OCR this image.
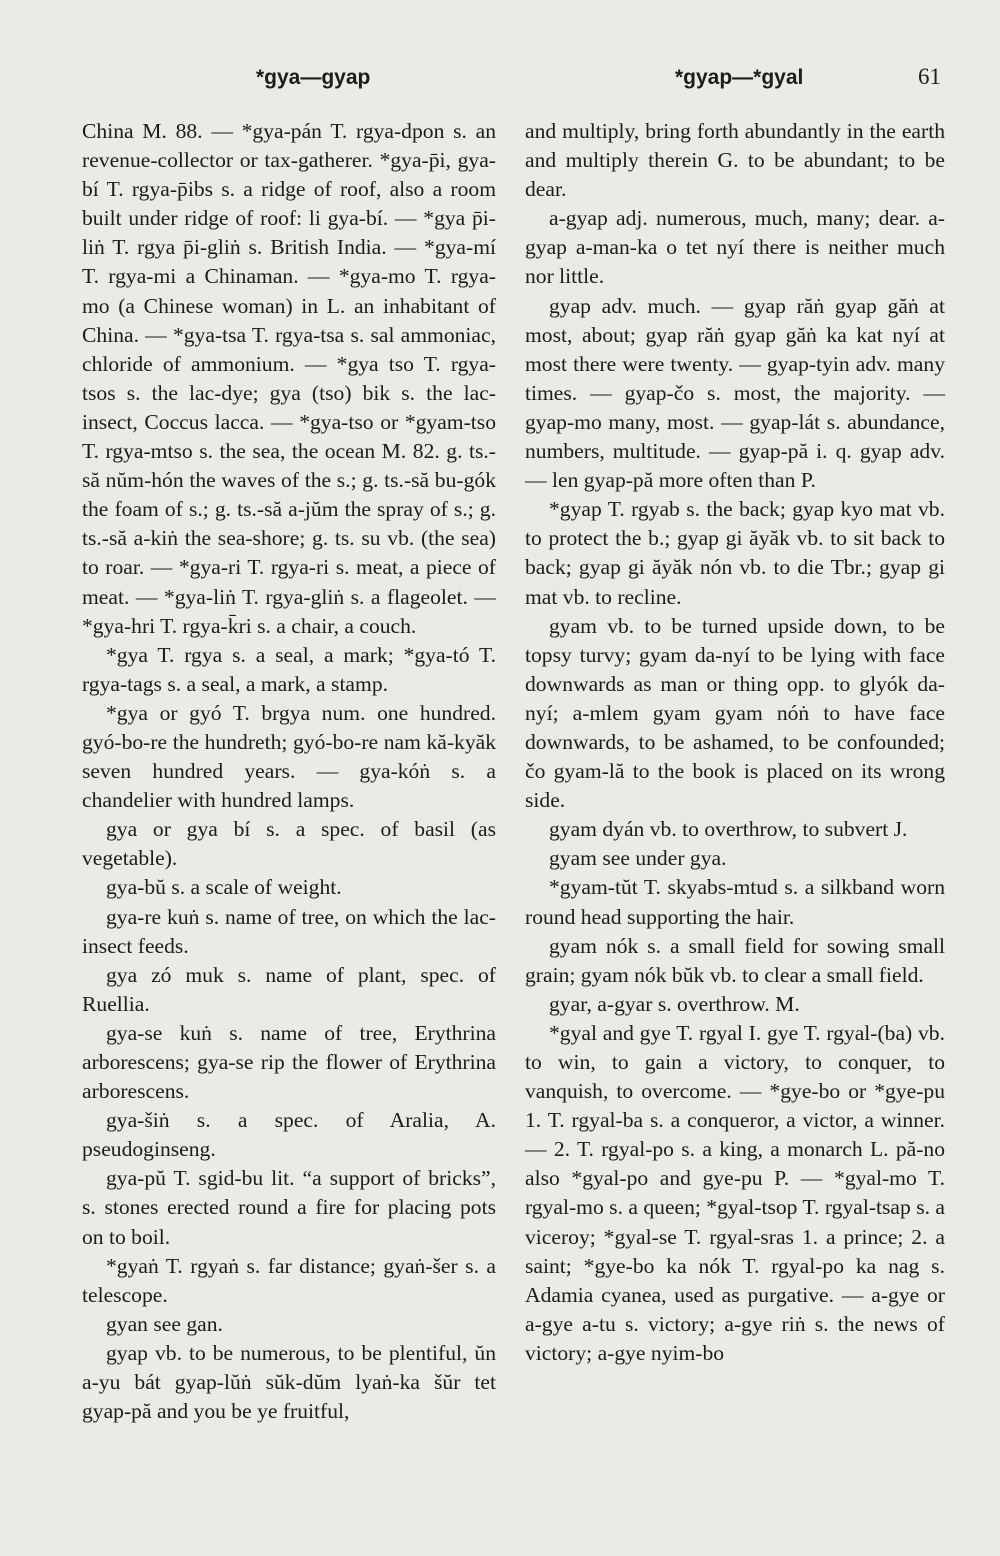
*gya—gyap	*gyap—*gyal	61

China M. 88. — *gya-pán T. rgya-dpon s. an revenue-collector or tax-gatherer. *gya-p̄i, gya-bí T. rgya-p̄ibs s. a ridge of roof, also a room built under ridge of roof: li gya-bí. — *gya p̄i-liṅ T. rgya p̄i-gliṅ s. British India. — *gya-mí T. rgya-mi a Chinaman. — *gya-mo T. rgya-mo (a Chinese woman) in L. an inhabitant of China. — *gya-tsa T. rgya-tsa s. sal ammoniac, chloride of ammonium. — *gya tso T. rgya-tsos s. the lac-dye; gya (tso) bik s. the lac-insect, Coccus lacca. — *gya-tso or *gyam-tso T. rgya-mtso s. the sea, the ocean M. 82. g. ts.-să nŭm-hón the waves of the s.; g. ts.-să bu-gók the foam of s.; g. ts.-să a-jŭm the spray of s.; g. ts.-să a-kiṅ the sea-shore; g. ts. su vb. (the sea) to roar. — *gya-ri T. rgya-ri s. meat, a piece of meat. — *gya-liṅ T. rgya-gliṅ s. a flageolet. — *gya-hri T. rgya-k̄ri s. a chair, a couch.

*gya T. rgya s. a seal, a mark; *gya-tó T. rgya-tags s. a seal, a mark, a stamp.

*gya or gyó T. brgya num. one hundred. gyó-bo-re the hundreth; gyó-bo-re nam kă-kyăk seven hundred years. — gya-kóṅ s. a chandelier with hundred lamps.

gya or gya bí s. a spec. of basil (as vegetable).

gya-bŭ s. a scale of weight.

gya-re kuṅ s. name of tree, on which the lac-insect feeds.

gya zó muk s. name of plant, spec. of Ruellia.

gya-se kuṅ s. name of tree, Erythrina arborescens; gya-se rip the flower of Erythrina arborescens.

gya-šiṅ s. a spec. of Aralia, A. pseudoginseng.

gya-pŭ T. sgid-bu lit. “a support of bricks”, s. stones erected round a fire for placing pots on to boil.

*gyaṅ T. rgyaṅ s. far distance; gyaṅ-šer s. a telescope.

gyan see gan.

gyap vb. to be numerous, to be plentiful, ŭn a-yu bát gyap-lŭṅ sŭk-dŭm lyaṅ-ka šŭr tet gyap-pă and you be ye fruitful,

and multiply, bring forth abundantly in the earth and multiply therein G. to be abundant; to be dear.

a-gyap adj. numerous, much, many; dear. a-gyap a-man-ka o tet nyí there is neither much nor little.

gyap adv. much. — gyap răṅ gyap găṅ at most, about; gyap răṅ gyap găṅ ka kat nyí at most there were twenty. — gyap-tyin adv. many times. — gyap-čo s. most, the majority. — gyap-mo many, most. — gyap-lát s. abundance, numbers, multitude. — gyap-pă i. q. gyap adv. — len gyap-pă more often than P.

*gyap T. rgyab s. the back; gyap kyo mat vb. to protect the b.; gyap gi ăyăk vb. to sit back to back; gyap gi ăyăk nón vb. to die Tbr.; gyap gi mat vb. to recline.

gyam vb. to be turned upside down, to be topsy turvy; gyam da-nyí to be lying with face downwards as man or thing opp. to glyók da-nyí; a-mlem gyam gyam nóṅ to have face downwards, to be ashamed, to be confounded; čo gyam-lă to the book is placed on its wrong side.

gyam dyán vb. to overthrow, to subvert J.

gyam see under gya.

*gyam-tŭt T. skyabs-mtud s. a silkband worn round head supporting the hair.

gyam nók s. a small field for sowing small grain; gyam nók bŭk vb. to clear a small field.

gyar, a-gyar s. overthrow. M.

*gyal and gye T. rgyal I. gye T. rgyal-(ba) vb. to win, to gain a victory, to conquer, to vanquish, to overcome. — *gye-bo or *gye-pu 1. T. rgyal-ba s. a conqueror, a victor, a winner. — 2. T. rgyal-po s. a king, a monarch L. pă-no also *gyal-po and gye-pu P. — *gyal-mo T. rgyal-mo s. a queen; *gyal-tsop T. rgyal-tsap s. a viceroy; *gyal-se T. rgyal-sras 1. a prince; 2. a saint; *gye-bo ka nók T. rgyal-po ka nag s. Adamia cyanea, used as purgative. — a-gye or a-gye a-tu s. victory; a-gye riṅ s. the news of victory; a-gye nyim-bo
